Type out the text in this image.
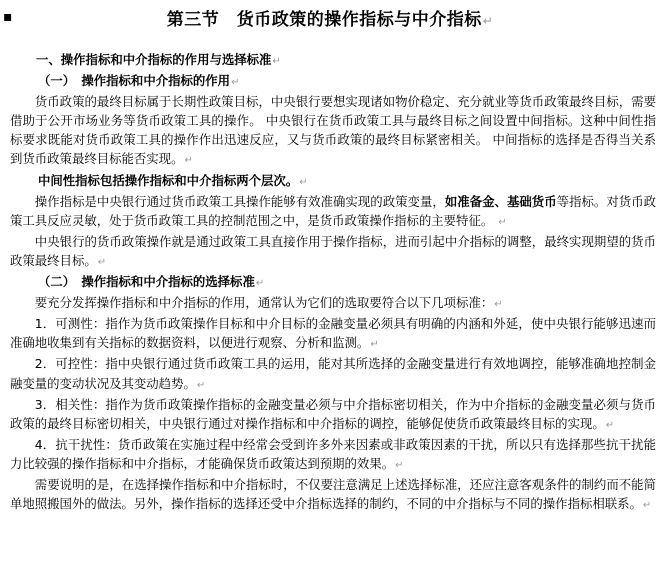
▪	第三节　货币政策的操作指标与中介指标↵

一、操作指标和中介指标的作用与选择标准↵

（一）　操作指标和中介指标的作用↵

货币政策的最终目标属于长期性政策目标，中央银行要想实现诸如物价稳定、充分就业等货币政策最终目标，需要借助于公开市场业务等货币政策工具的操作。 中央银行在货币政策工具与最终目标之间设置中间指标。这种中间性指标要求既能对货币政策工具的操作作出迅速反应，又与货币政策的最终目标紧密相关。 中间指标的选择是否得当关系到货币政策最终目标能否实现。↵

中间性指标包括操作指标和中介指标两个层次。↵

操作指标是中央银行通过货币政策工具操作能够有效准确实现的政策变量，如准备金、基础货币等指标。对货币政策工具反应灵敏，处于货币政策工具的控制范围之中，是货币政策操作指标的主要特征。 ↵

中央银行的货币政策操作就是通过政策工具直接作用于操作指标，进而引起中介指标的调整，最终实现期望的货币政策最终目标。↵

（二）　操作指标和中介指标的选择标准↵

要充分发挥操作指标和中介指标的作用，通常认为它们的选取要符合以下几项标准：↵

1．可测性：指作为货币政策操作目标和中介目标的金融变量必须具有明确的内涵和外延，使中央银行能够迅速而准确地收集到有关指标的数据资料，以便进行观察、分析和监测。↵

2．可控性：指中央银行通过货币政策工具的运用，能对其所选择的金融变量进行有效地调控，能够准确地控制金融变量的变动状况及其变动趋势。↵

3．相关性：指作为货币政策操作指标的金融变量必须与中介指标密切相关，作为中介指标的金融变量必须与货币政策的最终目标密切相关，中央银行通过对操作指标和中介指标的调控，能够促使货币政策最终目标的实现。↵

4．抗干扰性：货币政策在实施过程中经常会受到许多外来因素或非政策因素的干扰，所以只有选择那些抗干扰能力比较强的操作指标和中介指标，才能确保货币政策达到预期的效果。↵

需要说明的是，在选择操作指标和中介指标时，不仅要注意满足上述选择标准，还应注意客观条件的制约而不能简单地照搬国外的做法。另外，操作指标的选择还受中介指标选择的制约，不同的中介指标与不同的操作指标相联系。↵
